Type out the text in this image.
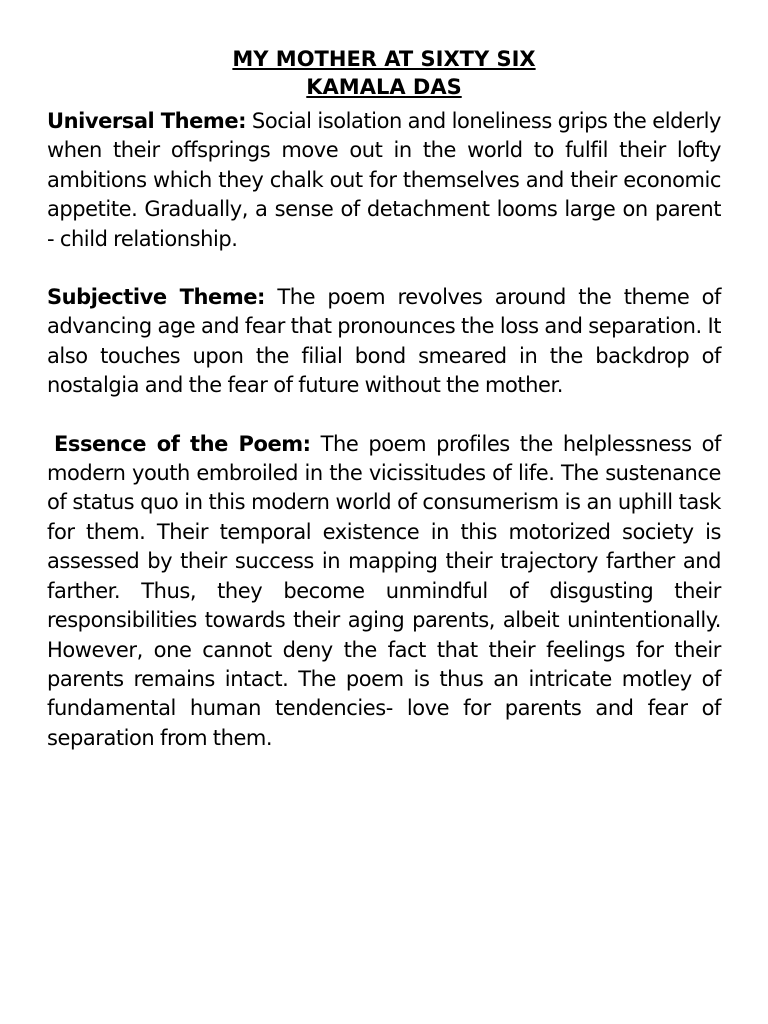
MY MOTHER AT SIXTY SIX
KAMALA DAS

Universal Theme: Social isolation and loneliness grips the elderly when their offsprings move out in the world to fulfil their lofty ambitions which they chalk out for themselves and their economic appetite. Gradually, a sense of detachment looms large on parent - child relationship.

Subjective Theme: The poem revolves around the theme of advancing age and fear that pronounces the loss and separation. It also touches upon the filial bond smeared in the backdrop of nostalgia and the fear of future without the mother.

Essence of the Poem: The poem profiles the helplessness of modern youth embroiled in the vicissitudes of life. The sustenance of status quo in this modern world of consumerism is an uphill task for them. Their temporal existence in this motorized society is assessed by their success in mapping their trajectory farther and farther. Thus, they become unmindful of disgusting their responsibilities towards their aging parents, albeit unintentionally. However, one cannot deny the fact that their feelings for their parents remains intact. The poem is thus an intricate motley of fundamental human tendencies- love for parents and fear of separation from them.
